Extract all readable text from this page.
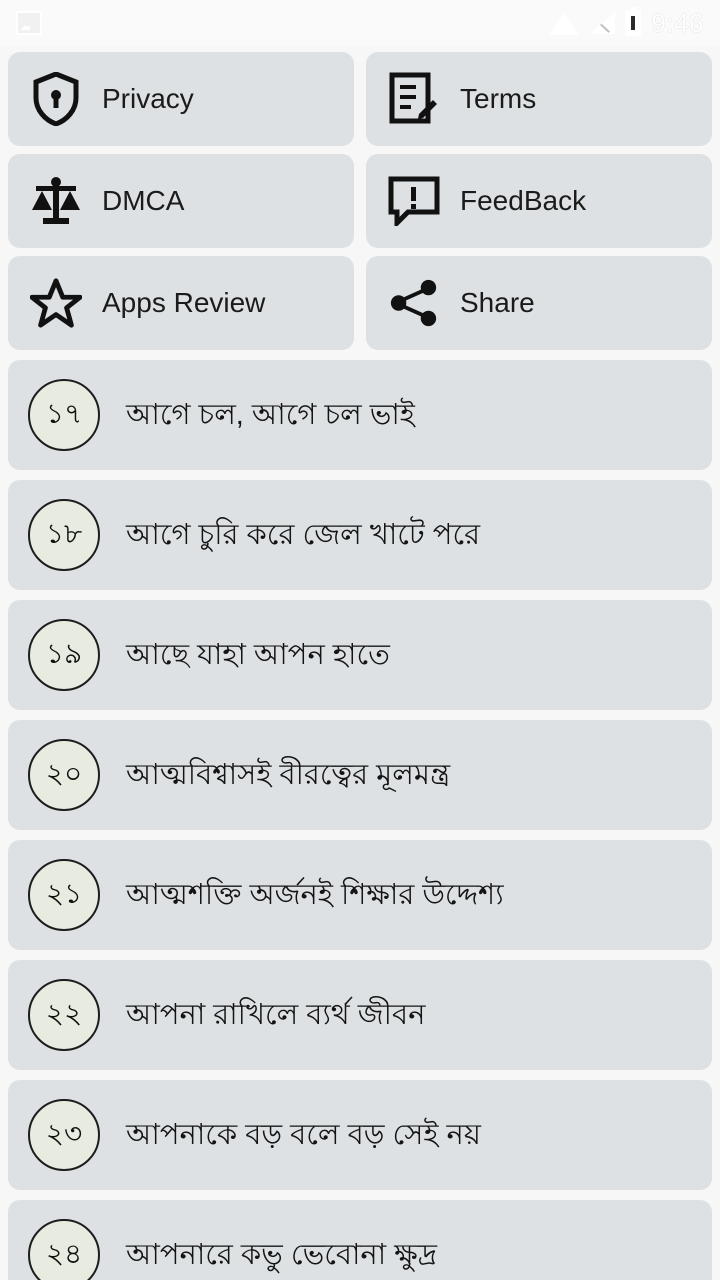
9:46
Privacy	Terms
DMCA	FeedBack
Apps Review	Share
১৭	আগে চল, আগে চল ভাই
১৮	আগে চুরি করে জেল খাটে পরে
১৯	আছে যাহা আপন হাতে
২০	আত্মবিশ্বাসই বীরত্বের মূলমন্ত্র
২১	আত্মশক্তি অর্জনই শিক্ষার উদ্দেশ্য
২২	আপনা রাখিলে ব্যর্থ জীবন
২৩	আপনাকে বড় বলে বড় সেই নয়
২৪	আপনারে কভু ভেবোনা ক্ষুদ্র
